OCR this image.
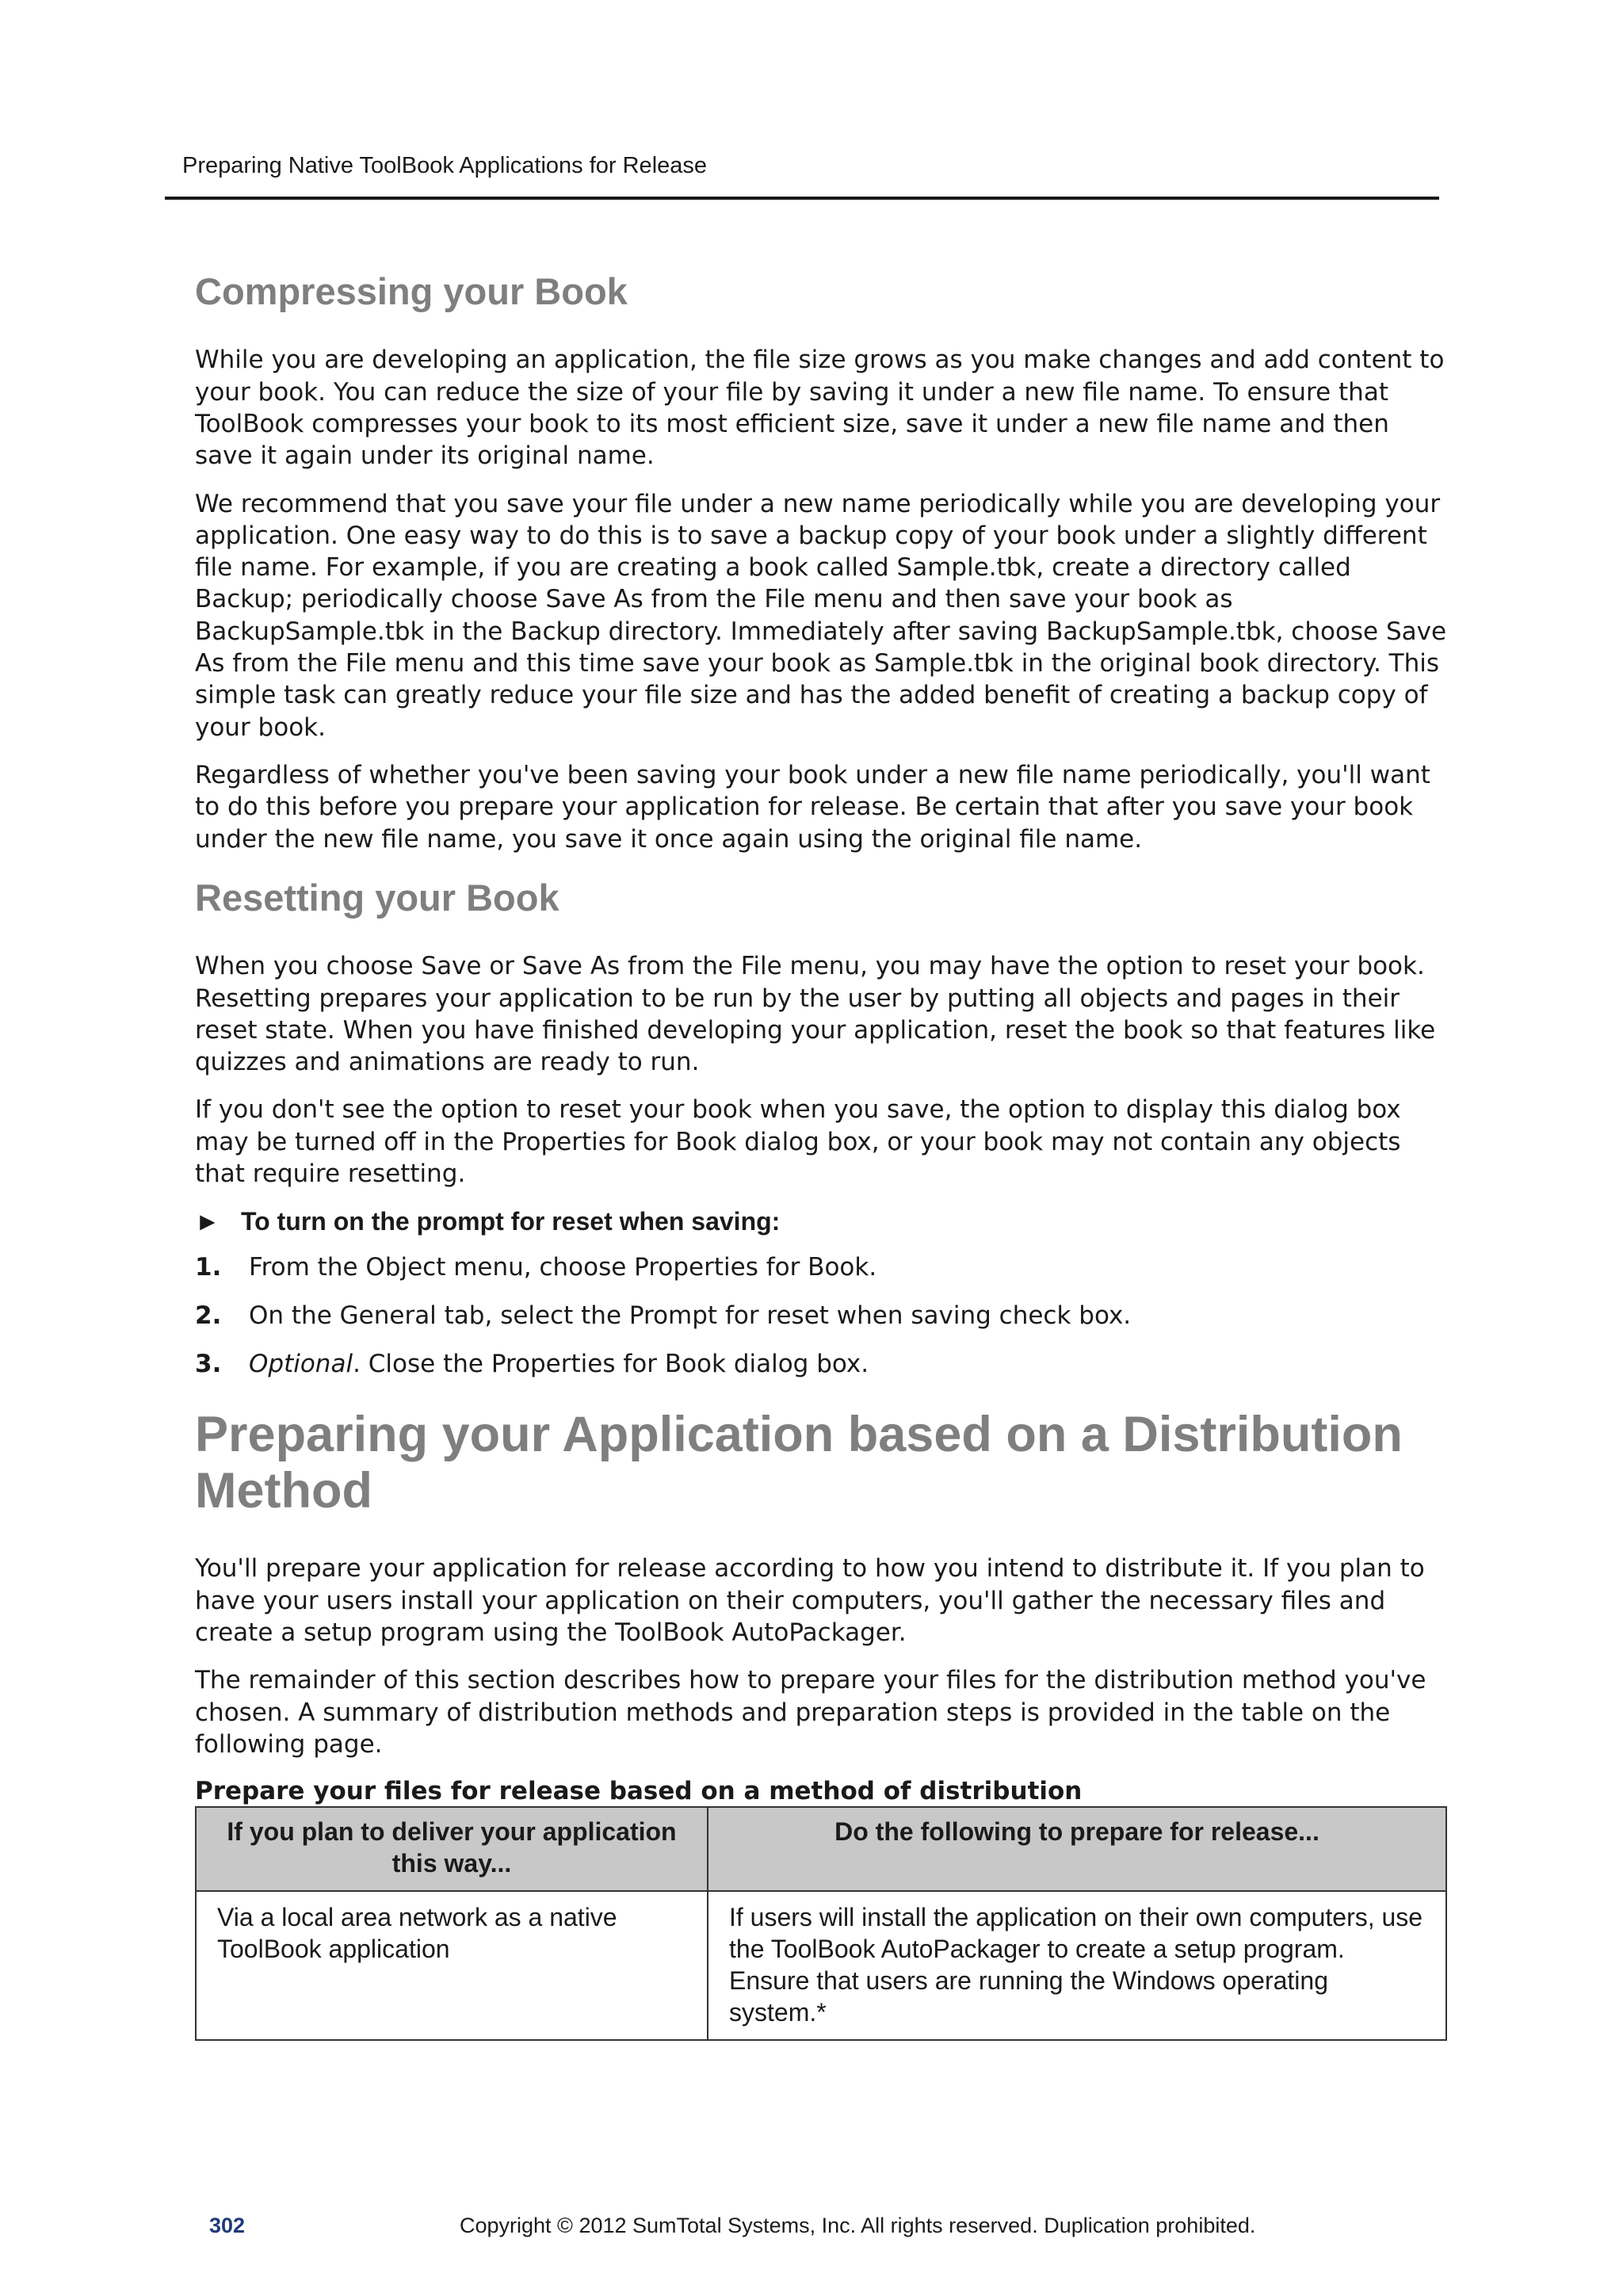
Preparing Native ToolBook Applications for Release
Compressing your Book

While you are developing an application, the file size grows as you make changes and add content to your book. You can reduce the size of your file by saving it under a new file name. To ensure that ToolBook compresses your book to its most efficient size, save it under a new file name and then save it again under its original name.

We recommend that you save your file under a new name periodically while you are developing your application. One easy way to do this is to save a backup copy of your book under a slightly different file name. For example, if you are creating a book called Sample.tbk, create a directory called Backup; periodically choose Save As from the File menu and then save your book as BackupSample.tbk in the Backup directory. Immediately after saving BackupSample.tbk, choose Save As from the File menu and this time save your book as Sample.tbk in the original book directory. This simple task can greatly reduce your file size and has the added benefit of creating a backup copy of your book.

Regardless of whether you've been saving your book under a new file name periodically, you'll want to do this before you prepare your application for release. Be certain that after you save your book under the new file name, you save it once again using the original file name.

Resetting your Book

When you choose Save or Save As from the File menu, you may have the option to reset your book. Resetting prepares your application to be run by the user by putting all objects and pages in their reset state. When you have finished developing your application, reset the book so that features like quizzes and animations are ready to run.

If you don't see the option to reset your book when you save, the option to display this dialog box may be turned off in the Properties for Book dialog box, or your book may not contain any objects that require resetting.

► To turn on the prompt for reset when saving:
1.	From the Object menu, choose Properties for Book.
2.	On the General tab, select the Prompt for reset when saving check box.
3.	Optional. Close the Properties for Book dialog box.
Preparing your Application based on a Distribution
Method

You'll prepare your application for release according to how you intend to distribute it. If you plan to have your users install your application on their computers, you'll gather the necessary files and create a setup program using the ToolBook AutoPackager.

The remainder of this section describes how to prepare your files for the distribution method you've chosen. A summary of distribution methods and preparation steps is provided in the table on the following page.

Prepare your files for release based on a method of distribution
If you plan to deliver your application this way...	Do the following to prepare for release...
Via a local area network as a native ToolBook application	If users will install the application on their own computers, use the ToolBook AutoPackager to create a setup program. Ensure that users are running the Windows operating system.*
302	Copyright © 2012 SumTotal Systems, Inc. All rights reserved. Duplication prohibited.
